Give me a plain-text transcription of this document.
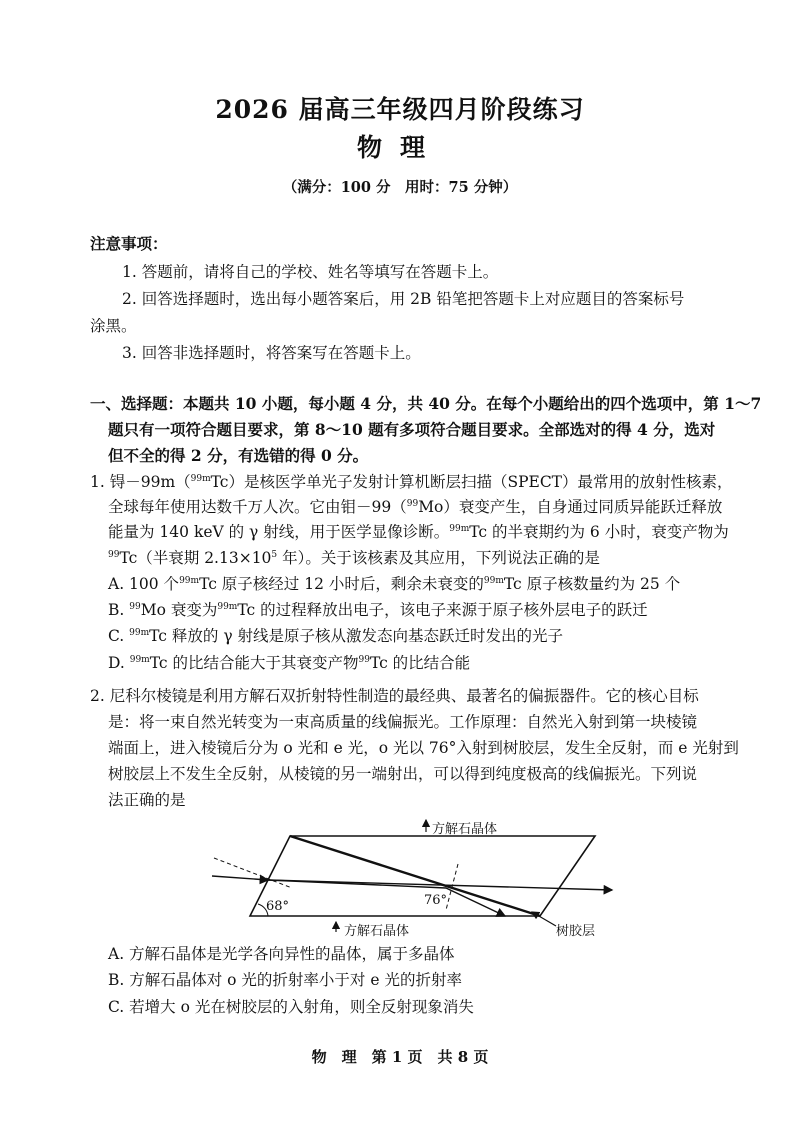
2026 届高三年级四月阶段练习
物理
（满分：100 分　用时：75 分钟）
注意事项：
1. 答题前，请将自己的学校、姓名等填写在答题卡上。
2. 回答选择题时，选出每小题答案后，用 2B 铅笔把答题卡上对应题目的答案标号
涂黑。
3. 回答非选择题时，将答案写在答题卡上。
一、选择题：本题共 10 小题，每小题 4 分，共 40 分。在每个小题给出的四个选项中，第 1～7
题只有一项符合题目要求，第 8～10 题有多项符合题目要求。全部选对的得 4 分，选对
但不全的得 2 分，有选错的得 0 分。
1. 锝－99m（$^{99m}$Tc）是核医学单光子发射计算机断层扫描（SPECT）最常用的放射性核素，
全球每年使用达数千万人次。它由钼－99（$^{99}$Mo）衰变产生，自身通过同质异能跃迁释放
能量为 140 keV 的 γ 射线，用于医学显像诊断。$^{99m}$Tc 的半衰期约为 6 小时，衰变产物为
$^{99}$Tc（半衰期 $2.13\times 10^5$ 年）。关于该核素及其应用，下列说法正确的是
A. 100 个$^{99m}$Tc 原子核经过 12 小时后，剩余未衰变的$^{99m}$Tc 原子核数量约为 25 个
B. $^{99}$Mo 衰变为$^{99m}$Tc 的过程释放出电子，该电子来源于原子核外层电子的跃迁
C. $^{99m}$Tc 释放的 γ 射线是原子核从激发态向基态跃迁时发出的光子
D. $^{99m}$Tc 的比结合能大于其衰变产物$^{99}$Tc 的比结合能
2. 尼科尔棱镜是利用方解石双折射特性制造的最经典、最著名的偏振器件。它的核心目标
是：将一束自然光转变为一束高质量的线偏振光。工作原理：自然光入射到第一块棱镜
端面上，进入棱镜后分为 o 光和 e 光，o 光以 76°入射到树胶层，发生全反射，而 e 光射到
树胶层上不发生全反射，从棱镜的另一端射出，可以得到纯度极高的线偏振光。下列说
法正确的是
方解石晶体
方解石晶体
68°	76°
树胶层
A. 方解石晶体是光学各向异性的晶体，属于多晶体
B. 方解石晶体对 o 光的折射率小于对 e 光的折射率
C. 若增大 o 光在树胶层的入射角，则全反射现象消失
物　理　第 1 页　共 8 页
